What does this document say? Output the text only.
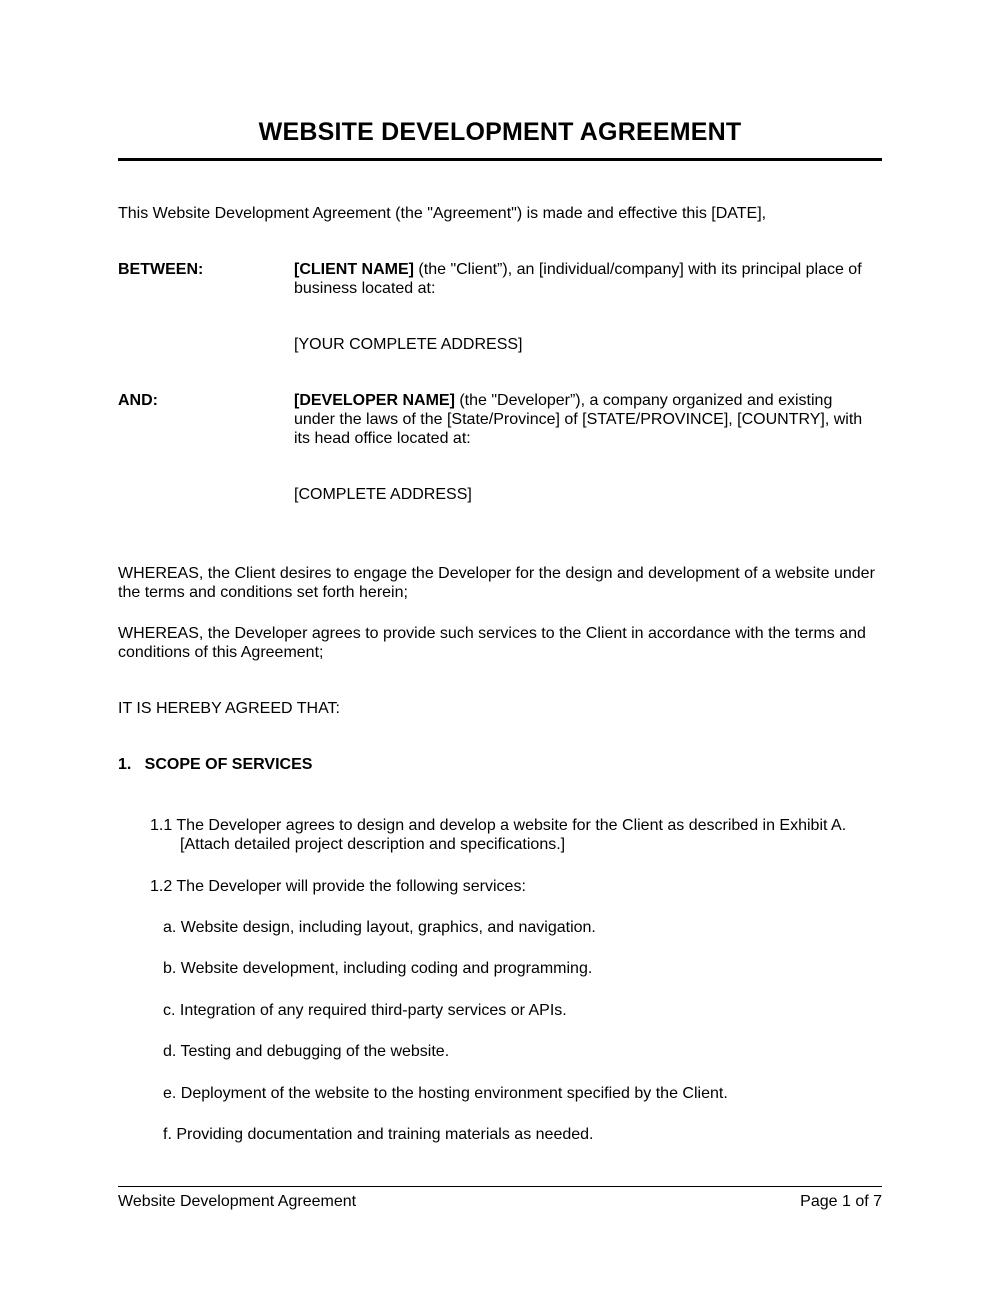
WEBSITE DEVELOPMENT AGREEMENT
This Website Development Agreement (the "Agreement") is made and effective this [DATE],
BETWEEN:	[CLIENT NAME] (the "Client”), an [individual/company] with its principal place of
business located at:
[YOUR COMPLETE ADDRESS]
AND:	[DEVELOPER NAME] (the "Developer”), a company organized and existing
under the laws of the [State/Province] of [STATE/PROVINCE], [COUNTRY], with
its head office located at:
[COMPLETE ADDRESS]
WHEREAS, the Client desires to engage the Developer for the design and development of a website under the terms and conditions set forth herein;
WHEREAS, the Developer agrees to provide such services to the Client in accordance with the terms and conditions of this Agreement;
IT IS HEREBY AGREED THAT:
1.   SCOPE OF SERVICES
1.1 The Developer agrees to design and develop a website for the Client as described in Exhibit A.
[Attach detailed project description and specifications.]
1.2 The Developer will provide the following services:
a. Website design, including layout, graphics, and navigation.
b. Website development, including coding and programming.
c. Integration of any required third-party services or APIs.
d. Testing and debugging of the website.
e. Deployment of the website to the hosting environment specified by the Client.
f. Providing documentation and training materials as needed.
Website Development Agreement	Page 1 of 7
